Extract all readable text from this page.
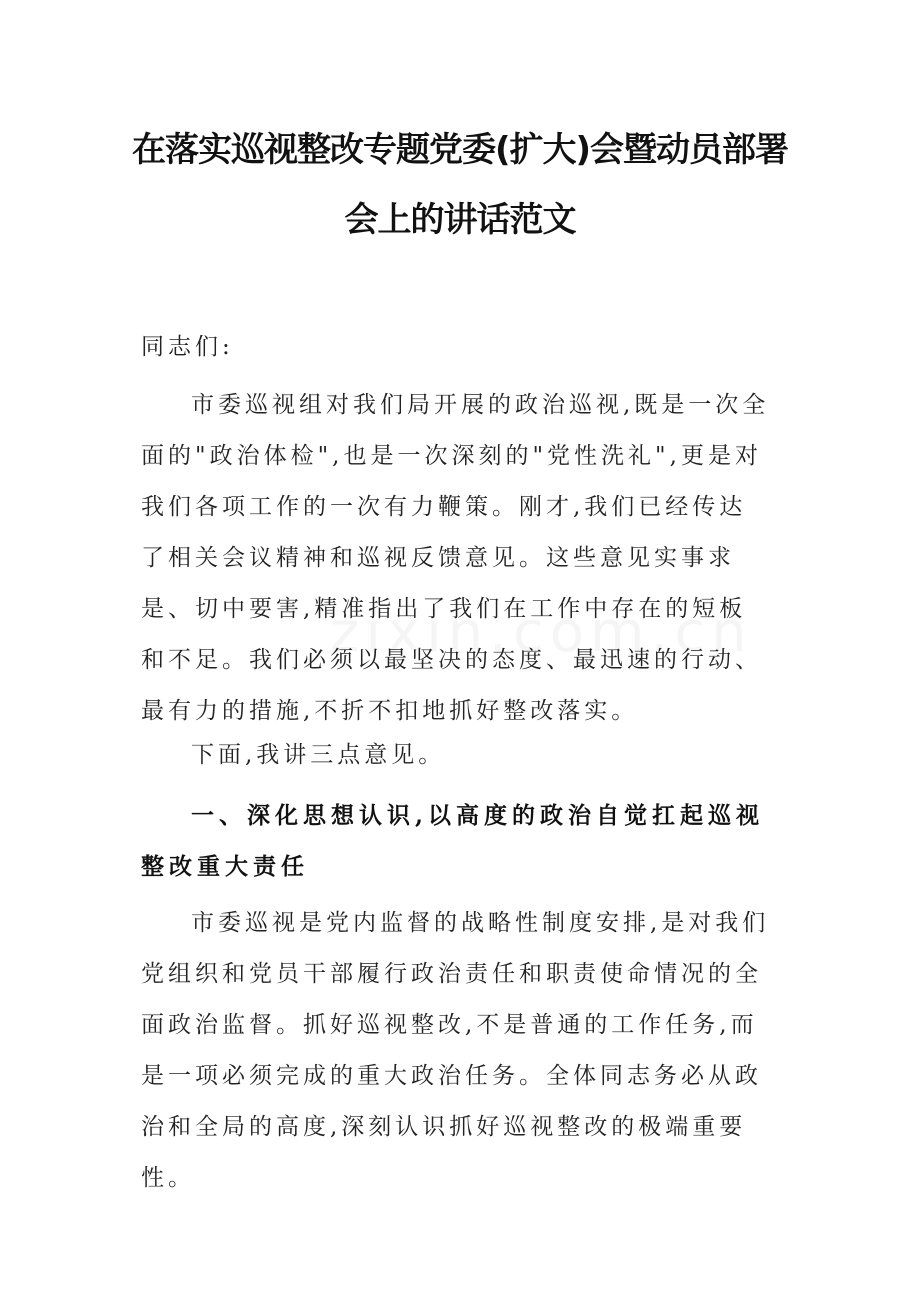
在落实巡视整改专题党委(扩大)会暨动员部署
会上的讲话范文

同志们:

市委巡视组对我们局开展的政治巡视,既是一次全面的"政治体检",也是一次深刻的"党性洗礼",更是对我们各项工作的一次有力鞭策。刚才,我们已经传达了相关会议精神和巡视反馈意见。这些意见实事求是、切中要害,精准指出了我们在工作中存在的短板和不足。我们必须以最坚决的态度、最迅速的行动、最有力的措施,不折不扣地抓好整改落实。

下面,我讲三点意见。

一、深化思想认识,以高度的政治自觉扛起巡视整改重大责任

市委巡视是党内监督的战略性制度安排,是对我们党组织和党员干部履行政治责任和职责使命情况的全面政治监督。抓好巡视整改,不是普通的工作任务,而是一项必须完成的重大政治任务。全体同志务必从政治和全局的高度,深刻认识抓好巡视整改的极端重要性。
